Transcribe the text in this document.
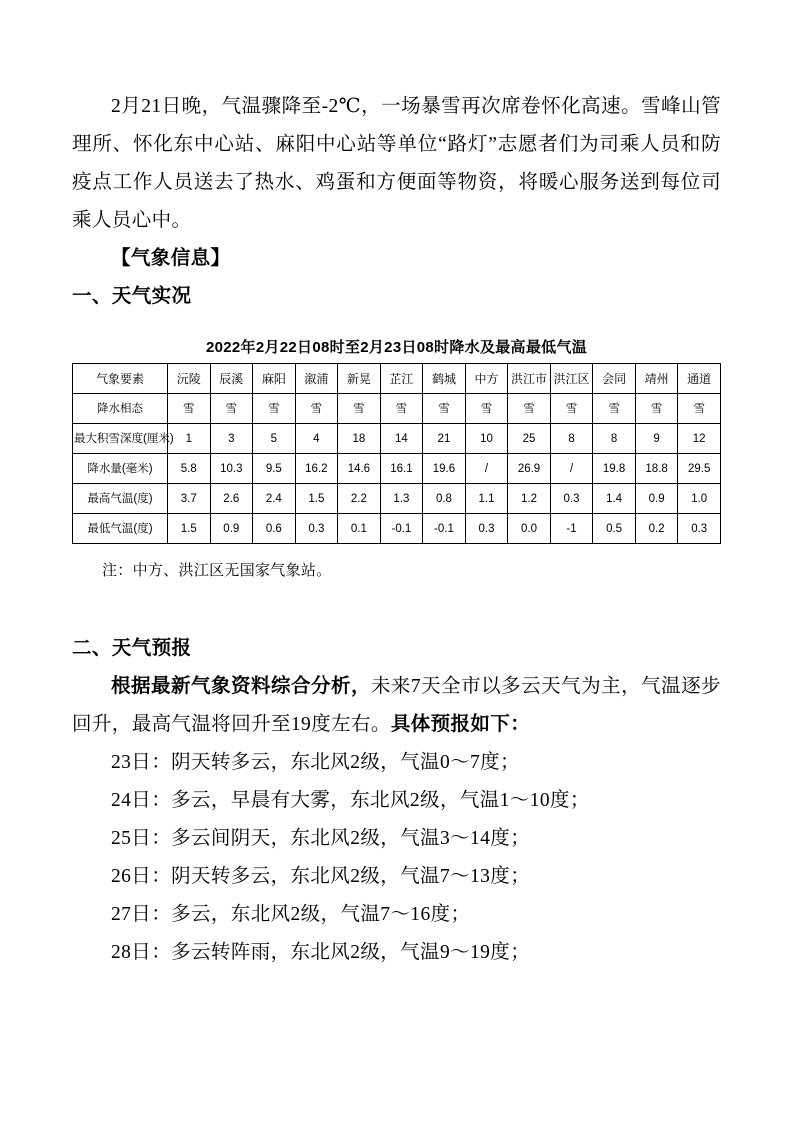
2月21日晚，气温骤降至-2℃，一场暴雪再次席卷怀化高速。雪峰山管理所、怀化东中心站、麻阳中心站等单位“路灯”志愿者们为司乘人员和防疫点工作人员送去了热水、鸡蛋和方便面等物资，将暖心服务送到每位司乘人员心中。

【气象信息】

一、天气实况

2022年2月22日08时至2月23日08时降水及最高最低气温
气象要素	沅陵	辰溪	麻阳	溆浦	新晃	芷江	鹤城	中方	洪江市	洪江区	会同	靖州	通道
降水相态	雪	雪	雪	雪	雪	雪	雪	雪	雪	雪	雪	雪	雪
最大积雪深度(厘米)	1	3	5	4	18	14	21	10	25	8	8	9	12
降水量(毫米)	5.8	10.3	9.5	16.2	14.6	16.1	19.6	/	26.9	/	19.8	18.8	29.5
最高气温(度)	3.7	2.6	2.4	1.5	2.2	1.3	0.8	1.1	1.2	0.3	1.4	0.9	1.0
最低气温(度)	1.5	0.9	0.6	0.3	0.1	-0.1	-0.1	0.3	0.0	-1	0.5	0.2	0.3

注：中方、洪江区无国家气象站。

二、天气预报

根据最新气象资料综合分析，未来7天全市以多云天气为主，气温逐步回升，最高气温将回升至19度左右。具体预报如下：

23日：阴天转多云，东北风2级，气温0～7度；

24日：多云，早晨有大雾，东北风2级，气温1～10度；

25日：多云间阴天，东北风2级，气温3～14度；

26日：阴天转多云，东北风2级，气温7～13度；

27日：多云，东北风2级，气温7～16度；

28日：多云转阵雨，东北风2级，气温9～19度；
